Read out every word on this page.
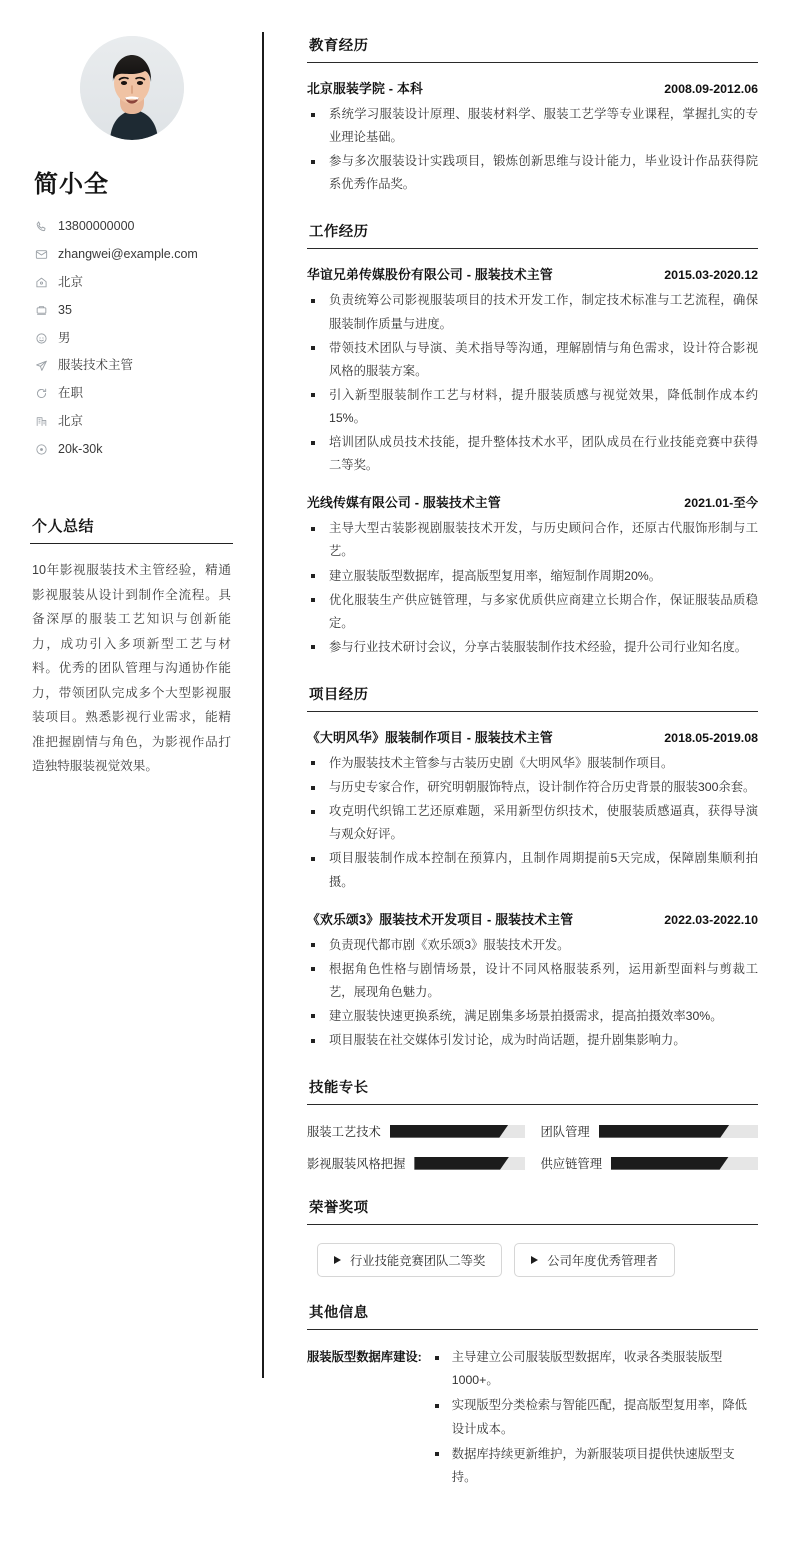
简小全
13800000000
zhangwei@example.com
北京
35
男
服装技术主管
在职
北京
20k-30k
个人总结
10年影视服装技术主管经验，精通影视服装从设计到制作全流程。具备深厚的服装工艺知识与创新能力，成功引入多项新型工艺与材料。优秀的团队管理与沟通协作能力，带领团队完成多个大型影视服装项目。熟悉影视行业需求，能精准把握剧情与角色，为影视作品打造独特服装视觉效果。
教育经历
北京服装学院 - 本科	2008.09-2012.06
系统学习服装设计原理、服装材料学、服装工艺学等专业课程，掌握扎实的专业理论基础。
参与多次服装设计实践项目，锻炼创新思维与设计能力，毕业设计作品获得院系优秀作品奖。
工作经历
华谊兄弟传媒股份有限公司 - 服装技术主管	2015.03-2020.12
负责统筹公司影视服装项目的技术开发工作，制定技术标准与工艺流程，确保服装制作质量与进度。
带领技术团队与导演、美术指导等沟通，理解剧情与角色需求，设计符合影视风格的服装方案。
引入新型服装制作工艺与材料，提升服装质感与视觉效果，降低制作成本约15%。
培训团队成员技术技能，提升整体技术水平，团队成员在行业技能竞赛中获得二等奖。
光线传媒有限公司 - 服装技术主管	2021.01-至今
主导大型古装影视剧服装技术开发，与历史顾问合作，还原古代服饰形制与工艺。
建立服装版型数据库，提高版型复用率，缩短制作周期20%。
优化服装生产供应链管理，与多家优质供应商建立长期合作，保证服装品质稳定。
参与行业技术研讨会议，分享古装服装制作技术经验，提升公司行业知名度。
项目经历
《大明风华》服装制作项目 - 服装技术主管	2018.05-2019.08
作为服装技术主管参与古装历史剧《大明风华》服装制作项目。
与历史专家合作，研究明朝服饰特点，设计制作符合历史背景的服装300余套。
攻克明代织锦工艺还原难题，采用新型仿织技术，使服装质感逼真，获得导演与观众好评。
项目服装制作成本控制在预算内，且制作周期提前5天完成，保障剧集顺利拍摄。
《欢乐颂3》服装技术开发项目 - 服装技术主管	2022.03-2022.10
负责现代都市剧《欢乐颂3》服装技术开发。
根据角色性格与剧情场景，设计不同风格服装系列，运用新型面料与剪裁工艺，展现角色魅力。
建立服装快速更换系统，满足剧集多场景拍摄需求，提高拍摄效率30%。
项目服装在社交媒体引发讨论，成为时尚话题，提升剧集影响力。
技能专长
服装工艺技术	团队管理
影视服装风格把握	供应链管理
荣誉奖项
行业技能竞赛团队二等奖	公司年度优秀管理者
其他信息
服装版型数据库建设:	主导建立公司服装版型数据库，收录各类服装版型1000+。
实现版型分类检索与智能匹配，提高版型复用率，降低设计成本。
数据库持续更新维护，为新服装项目提供快速版型支持。
